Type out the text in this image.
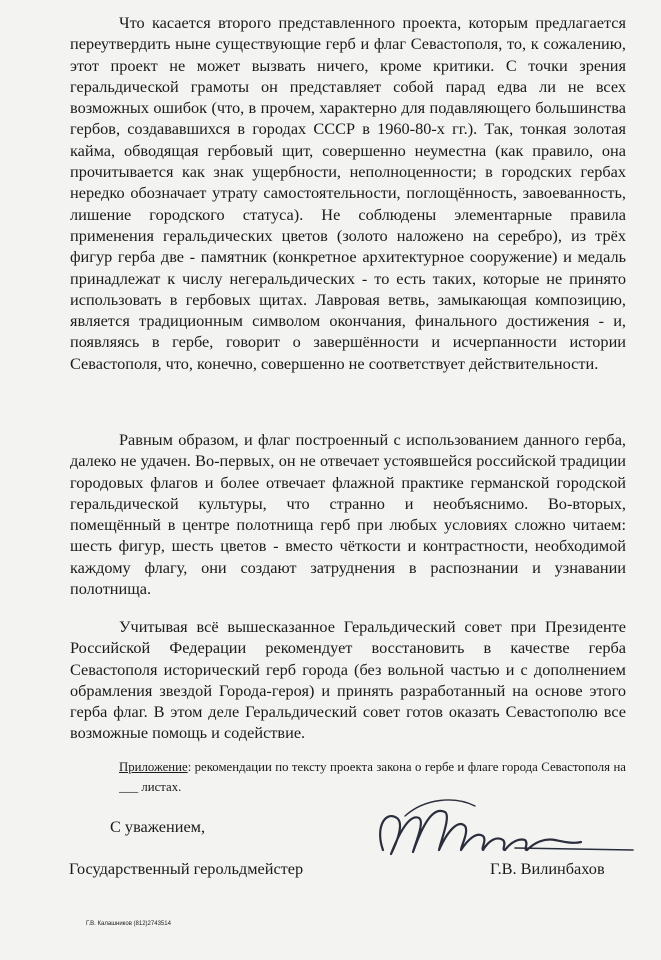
Что касается второго представленного проекта, которым предлагается переутвердить ныне существующие герб и флаг Севастополя, то, к сожалению, этот проект не может вызвать ничего, кроме критики. С точки зрения геральдической грамоты он представляет собой парад едва ли не всех возможных ошибок (что, в прочем, характерно для подавляющего большинства гербов, создававшихся в городах СССР в 1960-80-х гг.). Так, тонкая золотая кайма, обводящая гербовый щит, совершенно неуместна (как правило, она прочитывается как знак ущербности, неполноценности; в городских гербах нередко обозначает утрату самостоятельности, поглощённость, завоеванность, лишение городского статуса). Не соблюдены элементарные правила применения геральдических цветов (золото наложено на серебро), из трёх фигур герба две - памятник (конкретное архитектурное сооружение) и медаль принадлежат к числу негеральдических - то есть таких, которые не принято использовать в гербовых щитах. Лавровая ветвь, замыкающая композицию, является традиционным символом окончания, финального достижения - и, появляясь в гербе, говорит о завершённости и исчерпанности истории Севастополя, что, конечно, совершенно не соответствует действительности.

Равным образом, и флаг построенный с использованием данного герба, далеко не удачен. Во-первых, он не отвечает устоявшейся российской традиции городовых флагов и более отвечает флажной практике германской городской геральдической культуры, что странно и необъяснимо. Во-вторых, помещённый в центре полотнища герб при любых условиях сложно читаем: шесть фигур, шесть цветов - вместо чёткости и контрастности, необходимой каждому флагу, они создают затруднения в распознании и узнавании полотнища.

Учитывая всё вышесказанное Геральдический совет при Президенте Российской Федерации рекомендует восстановить в качестве герба Севастополя исторический герб города (без вольной частью и с дополнением обрамления звездой Города-героя) и принять разработанный на основе этого герба флаг. В этом деле Геральдический совет готов оказать Севастополю все возможные помощь и содействие.

Приложение: рекомендации по тексту проекта закона о гербе и флаге города Севастополя на ___ листах.

С уважением,

Государственный герольдмейстер	Г.В. Вилинбахов

Г.В. Калашников (812)2743514
